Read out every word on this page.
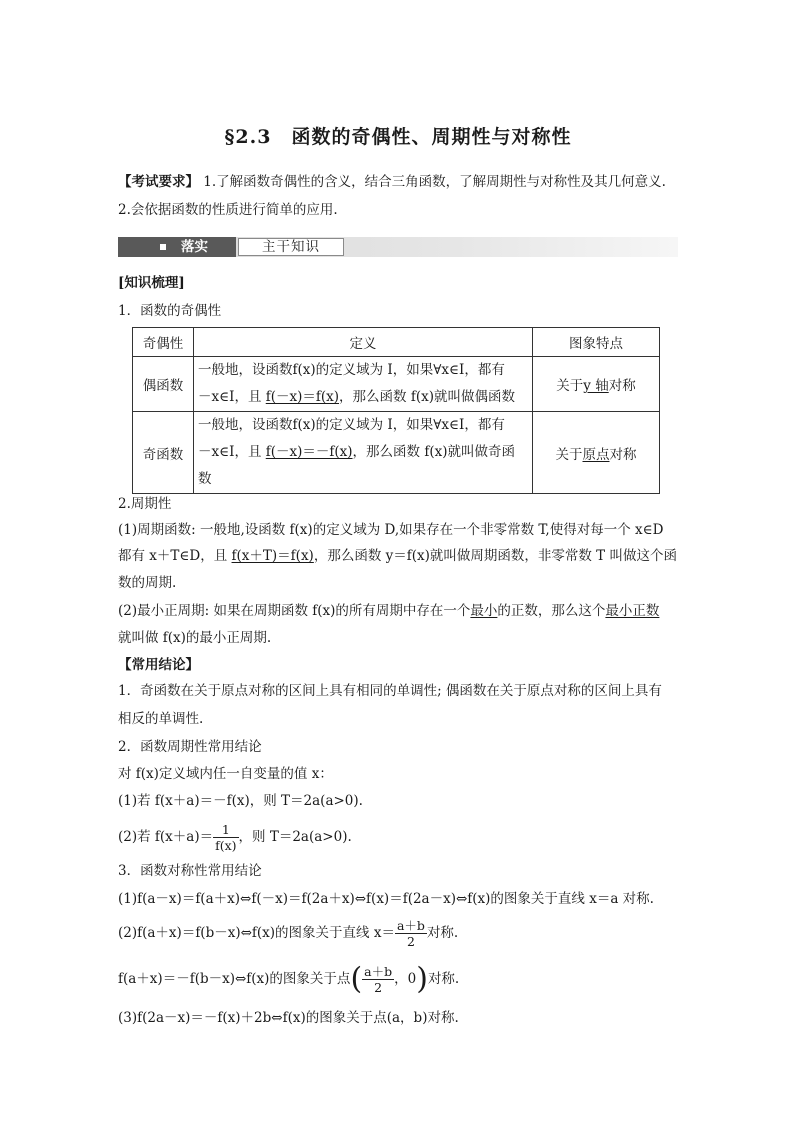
§2.3　函数的奇偶性、周期性与对称性
【考试要求】 1.了解函数奇偶性的含义，结合三角函数，了解周期性与对称性及其几何意义.
2.会依据函数的性质进行简单的应用.
落实	主干知识
[知识梳理]
1．函数的奇偶性
奇偶性	定义	图象特点
偶函数	一般地，设函数f(x)的定义域为 I，如果∀x∈I，都有
－x∈I，且 f(－x)＝f(x)，那么函数 f(x)就叫做偶函数	关于y 轴对称
奇函数	一般地，设函数f(x)的定义域为 I，如果∀x∈I，都有
－x∈I，且 f(－x)＝－f(x)，那么函数 f(x)就叫做奇函数	关于原点对称
2.周期性
(1)周期函数: 一般地,设函数 f(x)的定义域为 D,如果存在一个非零常数 T,使得对每一个 x∈D
都有 x＋T∈D，且 f(x＋T)＝f(x)，那么函数 y＝f(x)就叫做周期函数，非零常数 T 叫做这个函
数的周期.
(2)最小正周期: 如果在周期函数 f(x)的所有周期中存在一个最小的正数，那么这个最小正数
就叫做 f(x)的最小正周期.
【常用结论】
1．奇函数在关于原点对称的区间上具有相同的单调性; 偶函数在关于原点对称的区间上具有
相反的单调性.
2．函数周期性常用结论
对 f(x)定义域内任一自变量的值 x：
(1)若 f(x＋a)＝－f(x)，则 T＝2a(a>0).
(2)若 $f(x+a)= \frac{1}{f(x)}$ ，则 T＝2a(a>0).
3．函数对称性常用结论
(1)f(a－x)＝f(a＋x)⇔f(－x)＝f(2a＋x)⇔f(x)＝f(2a－x)⇔f(x)的图象关于直线 x＝a 对称.
(2)f(a＋x)＝f(b－x)⇔f(x)的图象关于直线 $x= \frac{a+b}{2}$ 对称.
f(a＋x)＝－f(b－x)⇔f(x)的图象关于点( $\frac{a+b}{2}$ ，0)对称.
(3)f(2a－x)＝－f(x)＋2b⇔f(x)的图象关于点(a，b)对称.
